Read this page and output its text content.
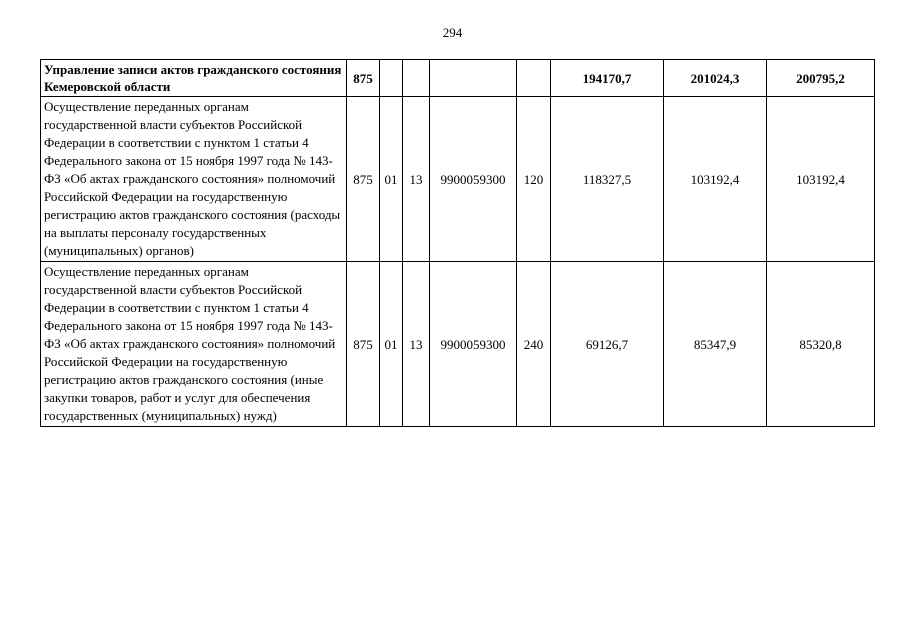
294
Управление записи актов гражданского состояния Кемеровской области	875					194170,7	201024,3	200795,2
Осуществление переданных органам государственной власти субъектов Российской Федерации в соответствии с пунктом 1 статьи 4 Федерального закона от 15 ноября 1997 года № 143-ФЗ «Об актах гражданского состояния» полномочий Российской Федерации на государственную регистрацию актов гражданского состояния (расходы на выплаты персоналу государственных (муниципальных) органов)	875	01	13	9900059300	120	118327,5	103192,4	103192,4
Осуществление переданных органам государственной власти субъектов Российской Федерации в соответствии с пунктом 1 статьи 4 Федерального закона от 15 ноября 1997 года № 143-ФЗ «Об актах гражданского состояния» полномочий Российской Федерации на государственную регистрацию актов гражданского состояния (иные закупки товаров, работ и услуг для обеспечения государственных (муниципальных) нужд)	875	01	13	9900059300	240	69126,7	85347,9	85320,8
